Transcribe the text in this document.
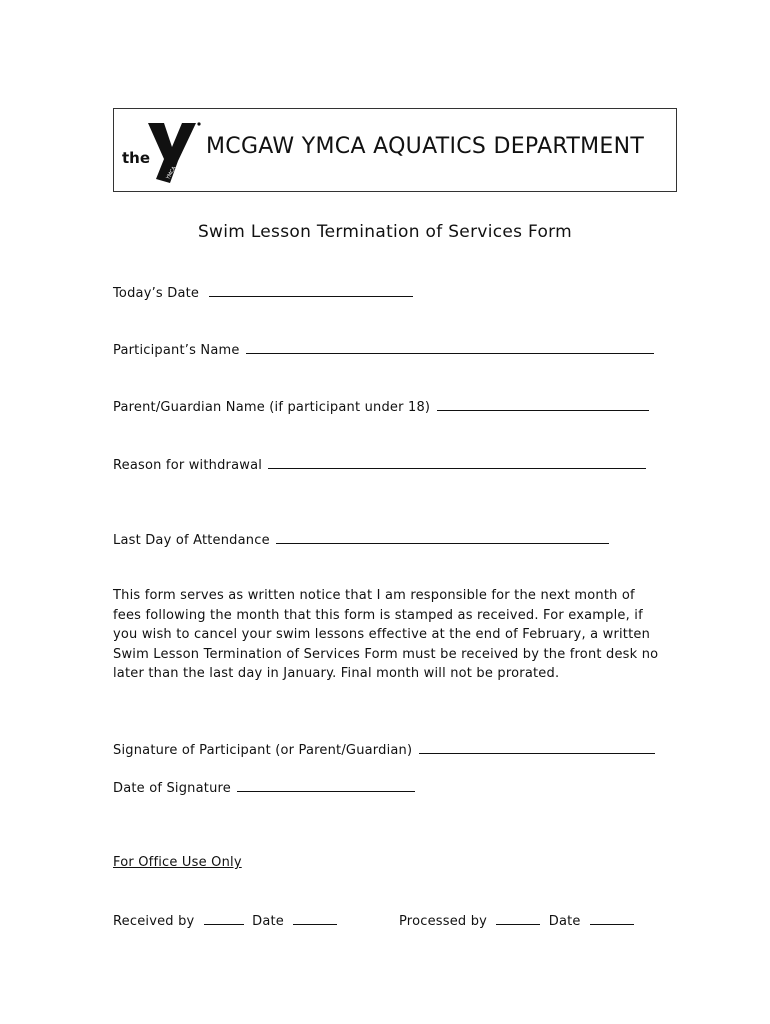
the
YMCA
MCGAW YMCA AQUATICS DEPARTMENT
Swim Lesson Termination of Services Form
Today’s Date
Participant’s Name
Parent/Guardian Name (if participant under 18)
Reason for withdrawal
Last Day of Attendance
This form serves as written notice that I am responsible for the next month of fees following the month that this form is stamped as received. For example, if you wish to cancel your swim lessons effective at the end of February, a written Swim Lesson Termination of Services Form must be received by the front desk no later than the last day in January. Final month will not be prorated.
Signature of Participant (or Parent/Guardian)
Date of Signature
For Office Use Only
Received by	Date	Processed by	Date
